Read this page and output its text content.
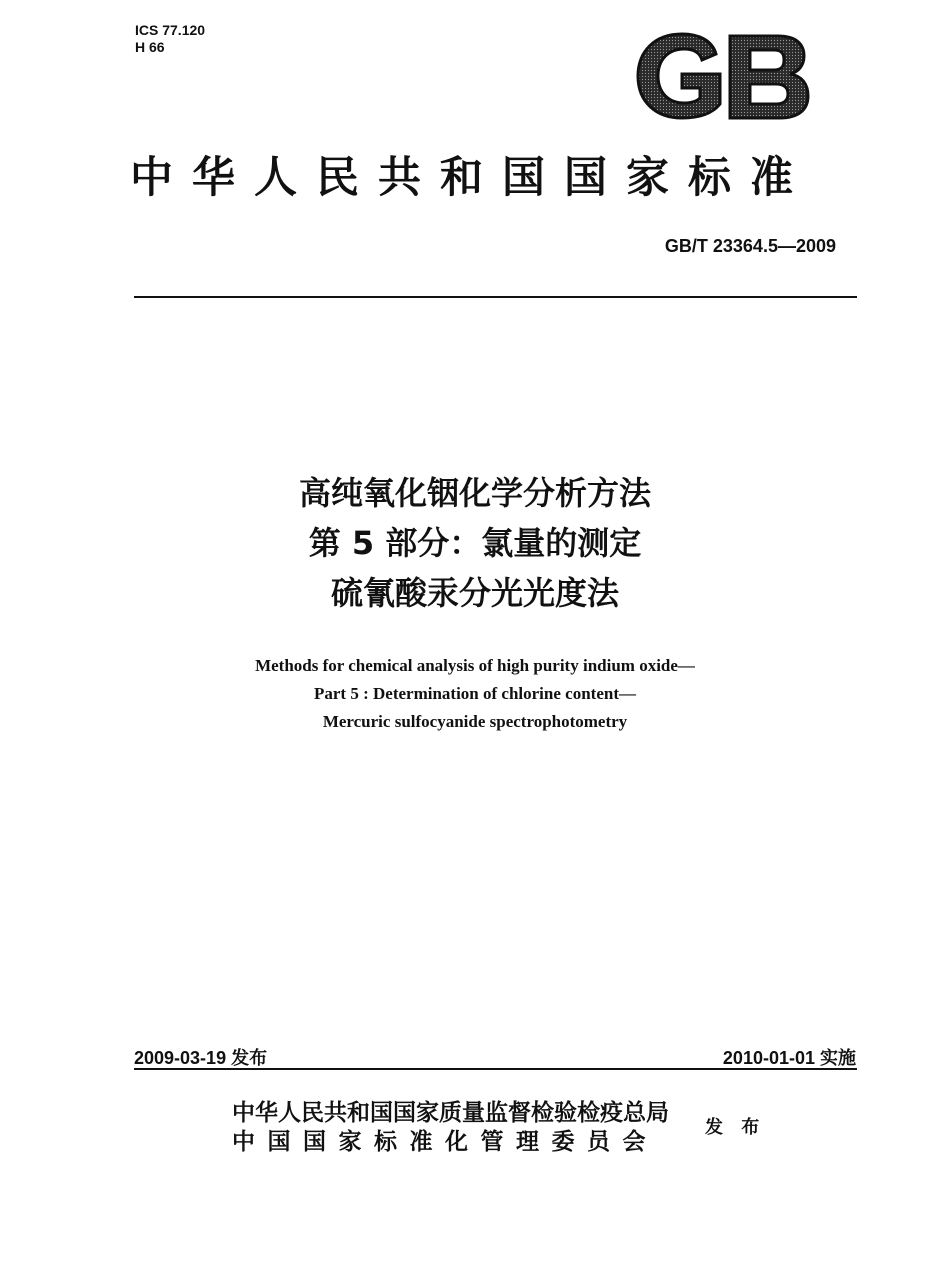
ICS 77.120
H 66
GB
中华人民共和国国家标准
GB/T 23364.5—2009
高纯氧化铟化学分析方法
第 5 部分：氯量的测定
硫氰酸汞分光光度法
Methods for chemical analysis of high purity indium oxide—
Part 5 : Determination of chlorine content—
Mercuric sulfocyanide spectrophotometry
2009-03-19 发布	2010-01-01 实施
中华人民共和国国家质量监督检验检疫总局
中国国家标准化管理委员会
发 布
